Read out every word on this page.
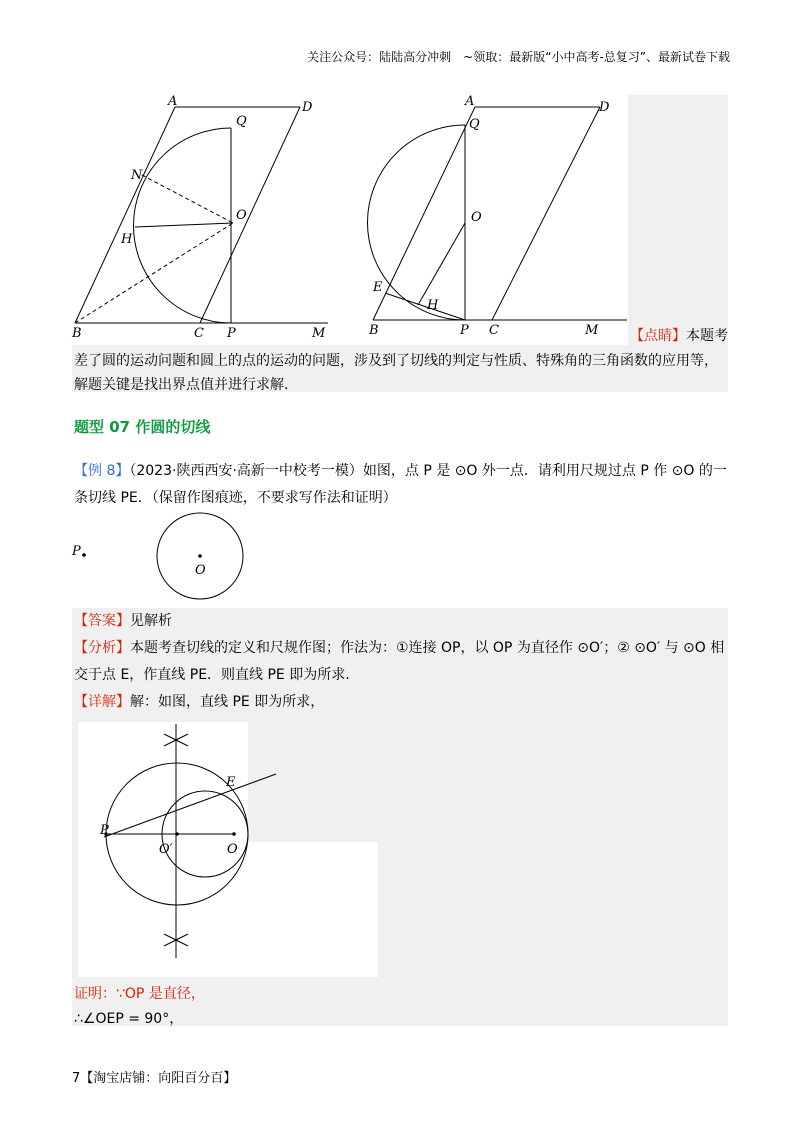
关注公众号：陆陆高分冲刺　~领取：最新版“小中高考-总复习”、最新试卷下载
A	D
Q
N
O
H
B	C P	M
A	D
Q
O
E
H
B	P C	M 【点睛】本题考
差了圆的运动问题和圆上的点的运动的问题，涉及到了切线的判定与性质、特殊角的三角函数的应用等，
解题关键是找出界点值并进行求解.
题型 07 作圆的切线
【例 8】（2023·陕西西安·高新一中校考一模）如图，点 P 是 ⊙O 外一点．请利用尺规过点 P 作 ⊙O 的一
条切线 PE．（保留作图痕迹，不要求写作法和证明）
P
O
【答案】见解析
【分析】本题考查切线的定义和尺规作图；作法为：①连接 OP，以 OP 为直径作 ⊙O′；② ⊙O′ 与 ⊙O 相
交于点 E，作直线 PE．则直线 PE 即为所求.
【详解】解：如图，直线 PE 即为所求，
E
P
O′	O
证明：∵OP 是直径，
∴∠OEP = 90°，
7【淘宝店铺：向阳百分百】
